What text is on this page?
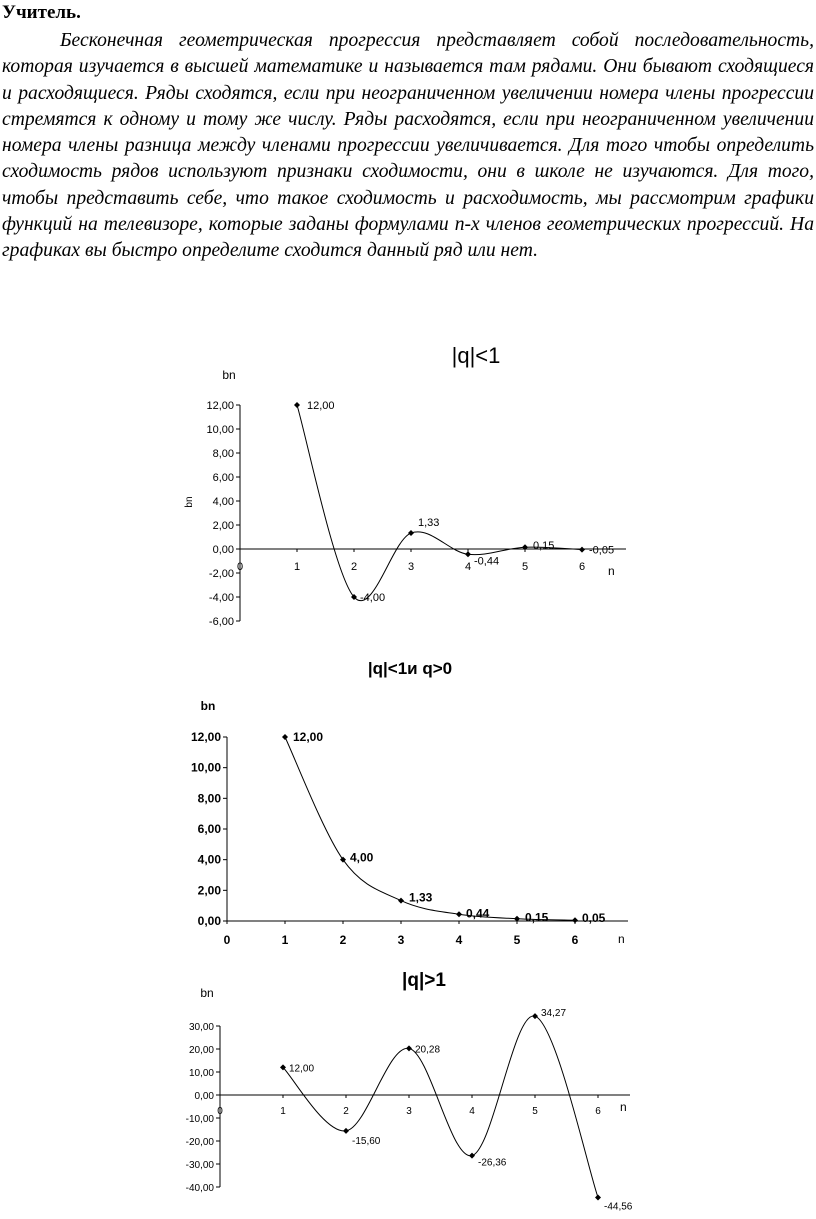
Учитель.

Бесконечная геометрическая прогрессия представляет собой последовательность, которая изучается в высшей математике и называется там рядами. Они бывают сходящиеся и расходящиеся. Ряды сходятся, если при неограниченном увеличении номера члены прогрессии стремятся к одному и тому же числу. Ряды расходятся, если при неограниченном увеличении номера члены разница между членами прогрессии увеличивается. Для того чтобы определить сходимость рядов используют признаки сходимости, они в школе не изучаются. Для того, чтобы представить себе, что такое сходимость и расходимость, мы рассмотрим графики функций на телевизоре, которые заданы формулами n-х членов геометрических прогрессий. На графиках вы быстро определите сходится данный ряд или нет.

|q|<1
bn
bn
n
12,00
10,00
8,00
6,00
4,00
2,00
0,00
-2,00
-4,00
-6,00
0	1	2	3	4	5	6
12,00
-4,00
1,33
-0,44
0,15	-0,05
|q|<1и q>0
bn
n
12,00
10,00
8,00
6,00
4,00
2,00
0,00
0	1	2	3	4	5	6
12,00
4,00
1,33
0,44	0,15	0,05
|q|>1
bn
n
30,00
20,00
10,00
0,00
-10,00
-20,00
-30,00
-40,00
0	1	2	3	4	5	6
12,00
-15,60
20,28
-26,36
34,27
-44,56
